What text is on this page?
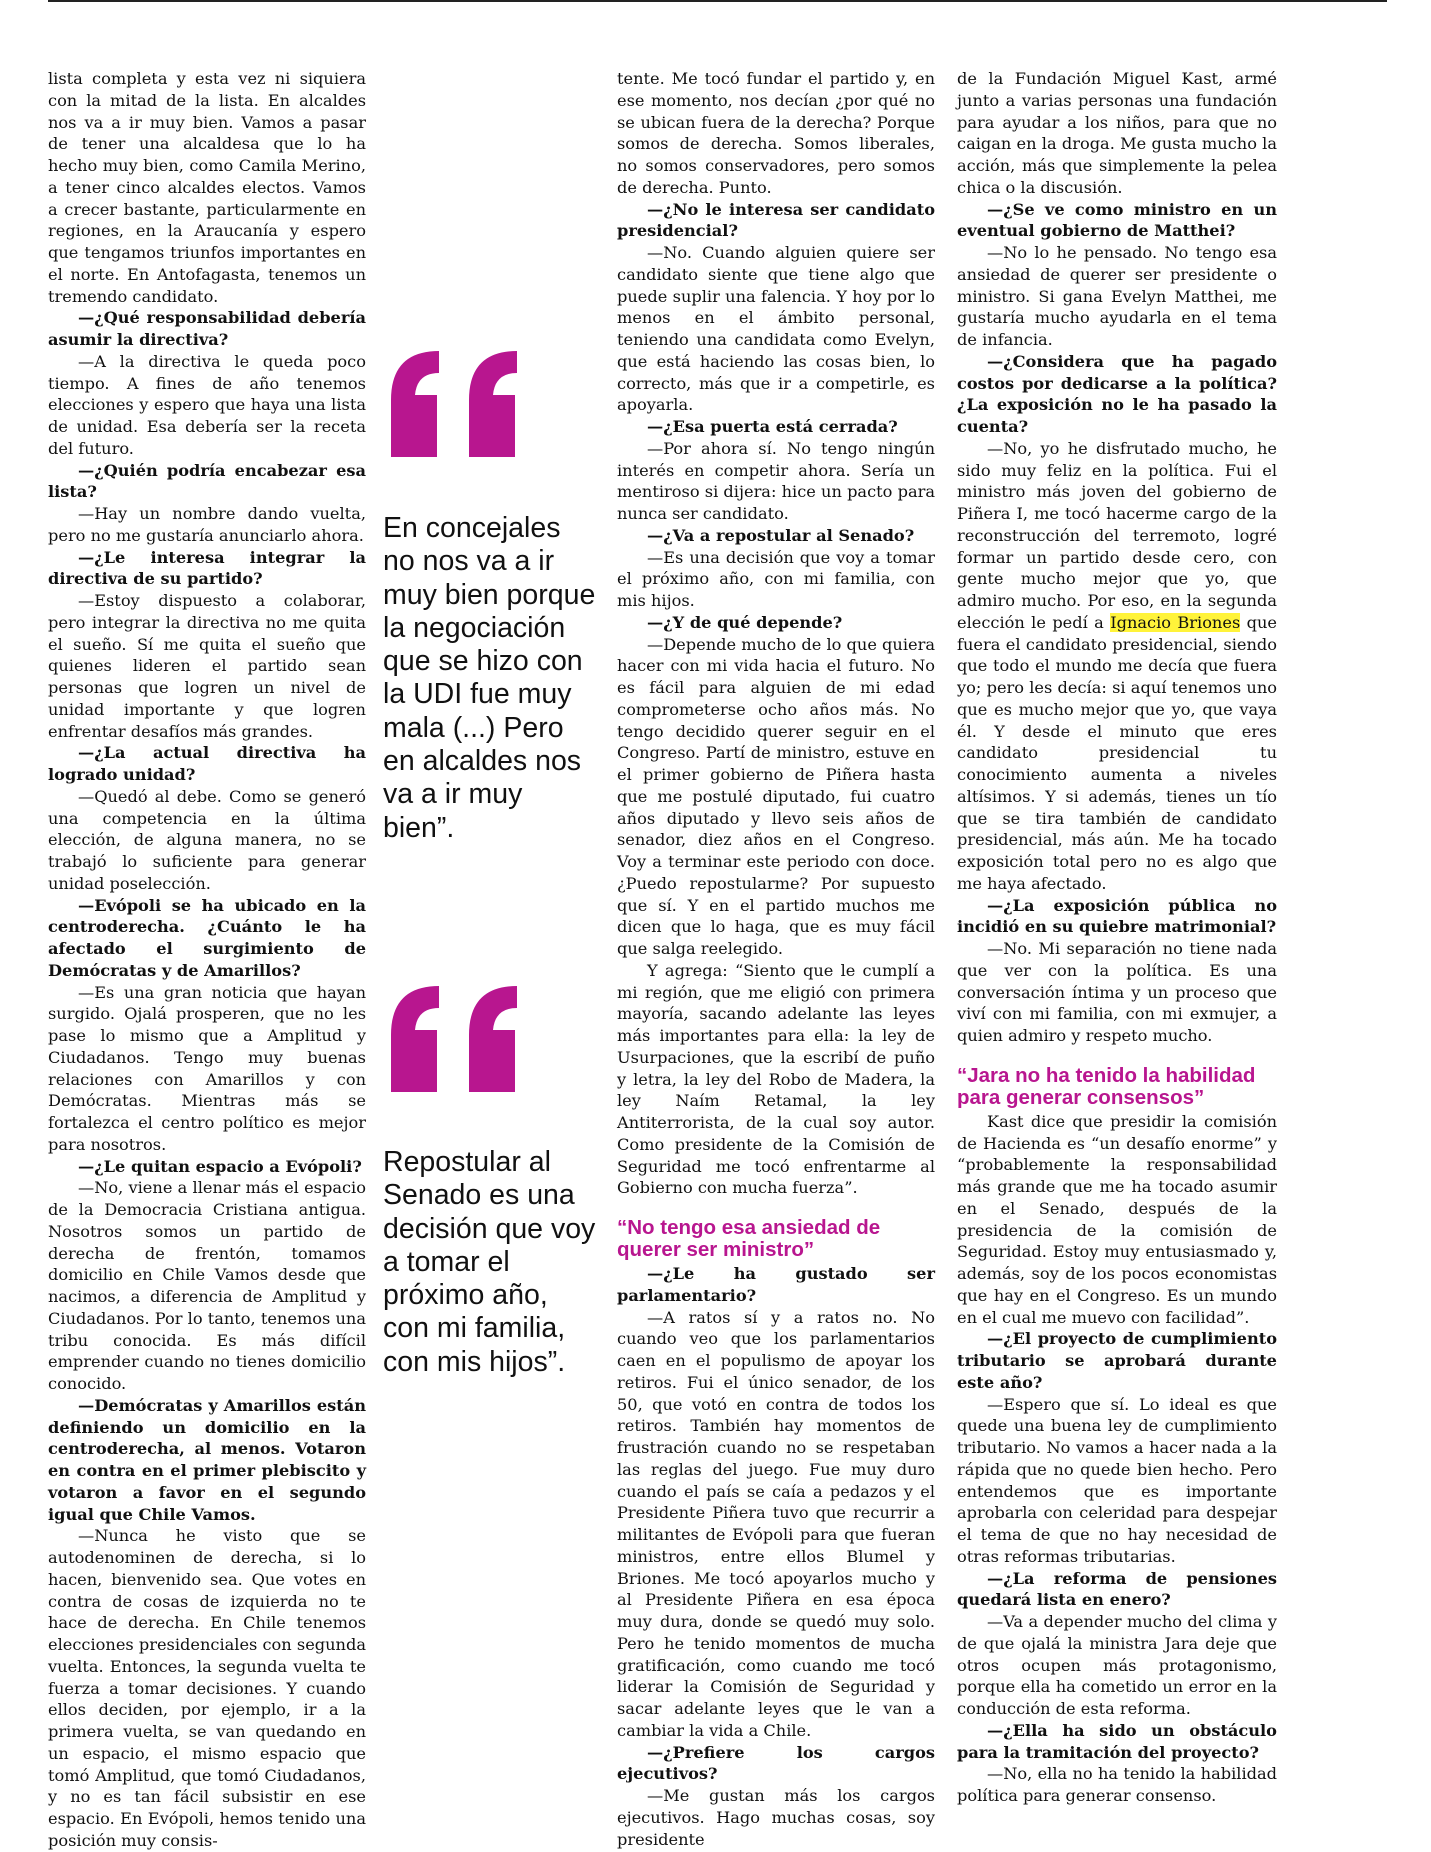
lista completa y esta vez ni siquiera con la mitad de la lista. En alcaldes nos va a ir muy bien. Vamos a pasar de tener una alcaldesa que lo ha hecho muy bien, como Camila Merino, a tener cinco alcaldes electos. Vamos a crecer bastante, particularmente en regiones, en la Araucanía y espero que tengamos triunfos importantes en el norte. En Antofagasta, tenemos un tremendo candidato.

—¿Qué responsabilidad debería asumir la directiva?

—A la directiva le queda poco tiempo. A fines de año tenemos elecciones y espero que haya una lista de unidad. Esa debería ser la receta del futuro.

—¿Quién podría encabezar esa lista?

—Hay un nombre dando vuelta, pero no me gustaría anunciarlo ahora.

—¿Le interesa integrar la directiva de su partido?

—Estoy dispuesto a colaborar, pero integrar la directiva no me quita el sueño. Sí me quita el sueño que quienes lideren el partido sean personas que logren un nivel de unidad importante y que logren enfrentar desafíos más grandes.

—¿La actual directiva ha logrado unidad?

—Quedó al debe. Como se generó una competencia en la última elección, de alguna manera, no se trabajó lo suficiente para generar unidad poselección.

—Evópoli se ha ubicado en la centroderecha. ¿Cuánto le ha afectado el surgimiento de Demócratas y de Amarillos?

—Es una gran noticia que hayan surgido. Ojalá prosperen, que no les pase lo mismo que a Amplitud y Ciudadanos. Tengo muy buenas relaciones con Amarillos y con Demócratas. Mientras más se fortalezca el centro político es mejor para nosotros.

—¿Le quitan espacio a Evópoli?

—No, viene a llenar más el espacio de la Democracia Cristiana antigua. Nosotros somos un partido de derecha de frentón, tomamos domicilio en Chile Vamos desde que nacimos, a diferencia de Amplitud y Ciudadanos. Por lo tanto, tenemos una tribu conocida. Es más difícil emprender cuando no tienes domicilio conocido.

—Demócratas y Amarillos están definiendo un domicilio en la centroderecha, al menos. Votaron en contra en el primer plebiscito y votaron a favor en el segundo igual que Chile Vamos.

—Nunca he visto que se autodenominen de derecha, si lo hacen, bienvenido sea. Que votes en contra de cosas de izquierda no te hace de derecha. En Chile tenemos elecciones presidenciales con segunda vuelta. Entonces, la segunda vuelta te fuerza a tomar decisiones. Y cuando ellos deciden, por ejemplo, ir a la primera vuelta, se van quedando en un espacio, el mismo espacio que tomó Amplitud, que tomó Ciudadanos, y no es tan fácil subsistir en ese espacio. En Evópoli, hemos tenido una posición muy consis-

En concejales no nos va a ir muy bien porque la negociación que se hizo con la UDI fue muy mala (...) Pero en alcaldes nos va a ir muy bien”.
Repostular al Senado es una decisión que voy a tomar el próximo año, con mi familia, con mis hijos”.

tente. Me tocó fundar el partido y, en ese momento, nos decían ¿por qué no se ubican fuera de la derecha? Porque somos de derecha. Somos liberales, no somos conservadores, pero somos de derecha. Punto.

—¿No le interesa ser candidato presidencial?

—No. Cuando alguien quiere ser candidato siente que tiene algo que puede suplir una falencia. Y hoy por lo menos en el ámbito personal, teniendo una candidata como Evelyn, que está haciendo las cosas bien, lo correcto, más que ir a competirle, es apoyarla.

—¿Esa puerta está cerrada?

—Por ahora sí. No tengo ningún interés en competir ahora. Sería un mentiroso si dijera: hice un pacto para nunca ser candidato.

—¿Va a repostular al Senado?

—Es una decisión que voy a tomar el próximo año, con mi familia, con mis hijos.

—¿Y de qué depende?

—Depende mucho de lo que quiera hacer con mi vida hacia el futuro. No es fácil para alguien de mi edad comprometerse ocho años más. No tengo decidido querer seguir en el Congreso. Partí de ministro, estuve en el primer gobierno de Piñera hasta que me postulé diputado, fui cuatro años diputado y llevo seis años de senador, diez años en el Congreso. Voy a terminar este periodo con doce. ¿Puedo repostularme? Por supuesto que sí. Y en el partido muchos me dicen que lo haga, que es muy fácil que salga reelegido.

Y agrega: “Siento que le cumplí a mi región, que me eligió con primera mayoría, sacando adelante las leyes más importantes para ella: la ley de Usurpaciones, que la escribí de puño y letra, la ley del Robo de Madera, la ley Naím Retamal, la ley Antiterrorista, de la cual soy autor. Como presidente de la Comisión de Seguridad me tocó enfrentarme al Gobierno con mucha fuerza”.

“No tengo esa ansiedad de querer ser ministro”

—¿Le ha gustado ser parlamentario?

—A ratos sí y a ratos no. No cuando veo que los parlamentarios caen en el populismo de apoyar los retiros. Fui el único senador, de los 50, que votó en contra de todos los retiros. También hay momentos de frustración cuando no se respetaban las reglas del juego. Fue muy duro cuando el país se caía a pedazos y el Presidente Piñera tuvo que recurrir a militantes de Evópoli para que fueran ministros, entre ellos Blumel y Briones. Me tocó apoyarlos mucho y al Presidente Piñera en esa época muy dura, donde se quedó muy solo. Pero he tenido momentos de mucha gratificación, como cuando me tocó liderar la Comisión de Seguridad y sacar adelante leyes que le van a cambiar la vida a Chile.

—¿Prefiere los cargos ejecutivos?

—Me gustan más los cargos ejecutivos. Hago muchas cosas, soy presidente

de la Fundación Miguel Kast, armé junto a varias personas una fundación para ayudar a los niños, para que no caigan en la droga. Me gusta mucho la acción, más que simplemente la pelea chica o la discusión.

—¿Se ve como ministro en un eventual gobierno de Matthei?

—No lo he pensado. No tengo esa ansiedad de querer ser presidente o ministro. Si gana Evelyn Matthei, me gustaría mucho ayudarla en el tema de infancia.

—¿Considera que ha pagado costos por dedicarse a la política? ¿La exposición no le ha pasado la cuenta?

—No, yo he disfrutado mucho, he sido muy feliz en la política. Fui el ministro más joven del gobierno de Piñera I, me tocó hacerme cargo de la reconstrucción del terremoto, logré formar un partido desde cero, con gente mucho mejor que yo, que admiro mucho. Por eso, en la segunda elección le pedí a Ignacio Briones que fuera el candidato presidencial, siendo que todo el mundo me decía que fuera yo; pero les decía: si aquí tenemos uno que es mucho mejor que yo, que vaya él. Y desde el minuto que eres candidato presidencial tu conocimiento aumenta a niveles altísimos. Y si además, tienes un tío que se tira también de candidato presidencial, más aún. Me ha tocado exposición total pero no es algo que me haya afectado.

—¿La exposición pública no incidió en su quiebre matrimonial?

—No. Mi separación no tiene nada que ver con la política. Es una conversación íntima y un proceso que viví con mi familia, con mi exmujer, a quien admiro y respeto mucho.

“Jara no ha tenido la habilidad para generar consensos”

Kast dice que presidir la comisión de Hacienda es “un desafío enorme” y “probablemente la responsabilidad más grande que me ha tocado asumir en el Senado, después de la presidencia de la comisión de Seguridad. Estoy muy entusiasmado y, además, soy de los pocos economistas que hay en el Congreso. Es un mundo en el cual me muevo con facilidad”.

—¿El proyecto de cumplimiento tributario se aprobará durante este año?

—Espero que sí. Lo ideal es que quede una buena ley de cumplimiento tributario. No vamos a hacer nada a la rápida que no quede bien hecho. Pero entendemos que es importante aprobarla con celeridad para despejar el tema de que no hay necesidad de otras reformas tributarias.

—¿La reforma de pensiones quedará lista en enero?

—Va a depender mucho del clima y de que ojalá la ministra Jara deje que otros ocupen más protagonismo, porque ella ha cometido un error en la conducción de esta reforma.

—¿Ella ha sido un obstáculo para la tramitación del proyecto?

—No, ella no ha tenido la habilidad política para generar consenso.
